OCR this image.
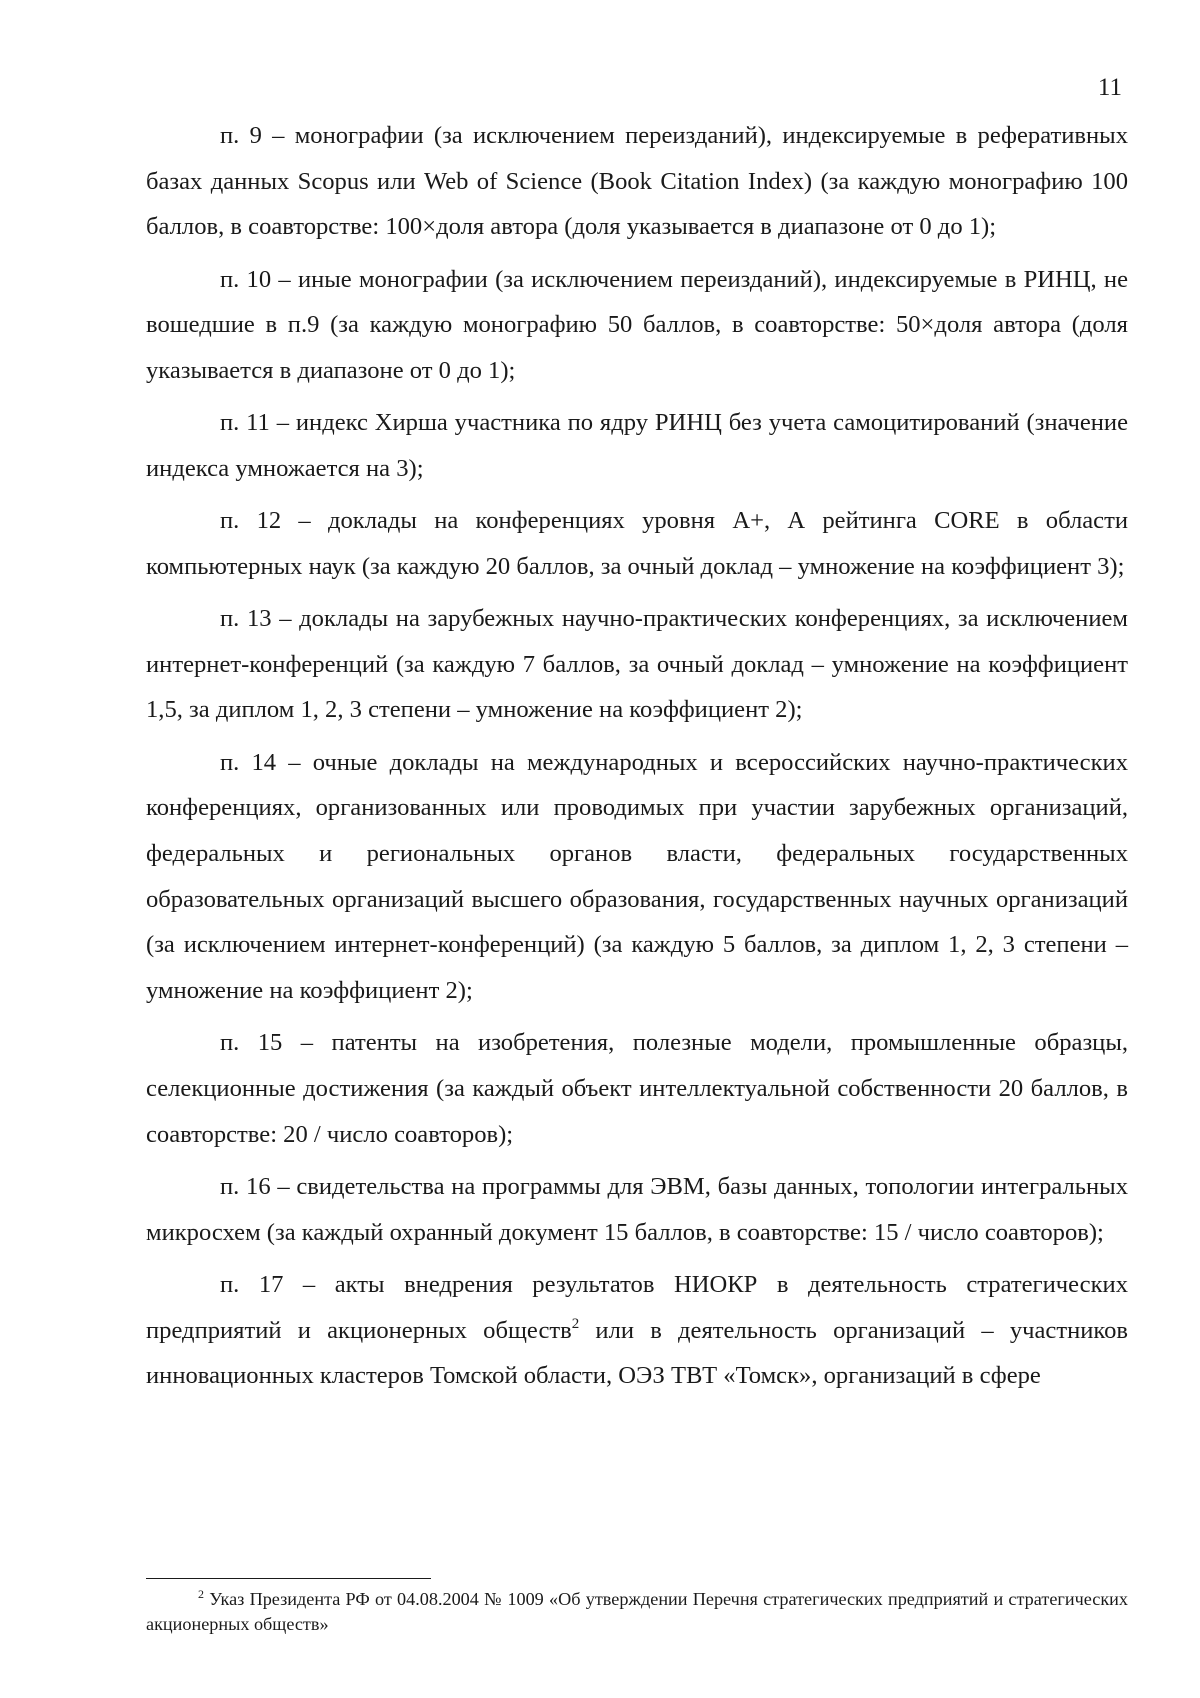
11

п. 9 – монографии (за исключением переизданий), индексируемые в реферативных базах данных Scopus или Web of Science (Book Citation Index) (за каждую монографию 100 баллов, в соавторстве: 100×доля автора (доля указывается в диапазоне от 0 до 1);

п. 10 – иные монографии (за исключением переизданий), индексируемые в РИНЦ, не вошедшие в п.9 (за каждую монографию 50 баллов, в соавторстве: 50×доля автора (доля указывается в диапазоне от 0 до 1);

п. 11 – индекс Хирша участника по ядру РИНЦ без учета самоцитирований (значение индекса умножается на 3);

п. 12 – доклады на конференциях уровня А+, А рейтинга CORE в области компьютерных наук (за каждую 20 баллов, за очный доклад – умножение на коэффициент 3);

п. 13 – доклады на зарубежных научно-практических конференциях, за исключением интернет-конференций (за каждую 7 баллов, за очный доклад – умножение на коэффициент 1,5, за диплом 1, 2, 3 степени – умножение на коэффициент 2);

п. 14 – очные доклады на международных и всероссийских научно-практических конференциях, организованных или проводимых при участии зарубежных организаций, федеральных и региональных органов власти, федеральных государственных образовательных организаций высшего образования, государственных научных организаций (за исключением интернет-конференций) (за каждую 5 баллов, за диплом 1, 2, 3 степени – умножение на коэффициент 2);

п. 15 – патенты на изобретения, полезные модели, промышленные образцы, селекционные достижения (за каждый объект интеллектуальной собственности 20 баллов, в соавторстве: 20 / число соавторов);

п. 16 – свидетельства на программы для ЭВМ, базы данных, топологии интегральных микросхем (за каждый охранный документ 15 баллов, в соавторстве: 15 / число соавторов);

п. 17 – акты внедрения результатов НИОКР в деятельность стратегических предприятий и акционерных обществ$^2$ или в деятельность организаций – участников инновационных кластеров Томской области, ОЭЗ ТВТ «Томск», организаций в сфере

$^2$ Указ Президента РФ от 04.08.2004 № 1009 «Об утверждении Перечня стратегических предприятий и стратегических акционерных обществ»
